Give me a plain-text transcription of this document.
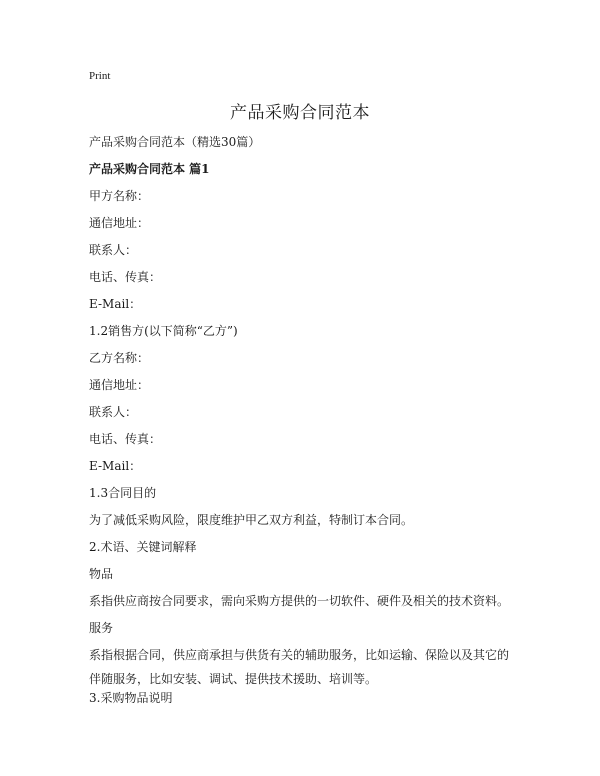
Print
产品采购合同范本
产品采购合同范本（精选30篇）
产品采购合同范本 篇1
甲方名称：
通信地址：
联系人：
电话、传真：
E-Mail：
1.2销售方(以下简称“乙方”)
乙方名称：
通信地址：
联系人：
电话、传真：
E-Mail：
1.3合同目的
为了减低采购风险，限度维护甲乙双方利益，特制订本合同。
2.术语、关键词解释
物品
系指供应商按合同要求，需向采购方提供的一切软件、硬件及相关的技术资料。
服务
系指根据合同，供应商承担与供货有关的辅助服务，比如运输、保险以及其它的伴随服务，比如安装、调试、提供技术援助、培训等。
3.采购物品说明
